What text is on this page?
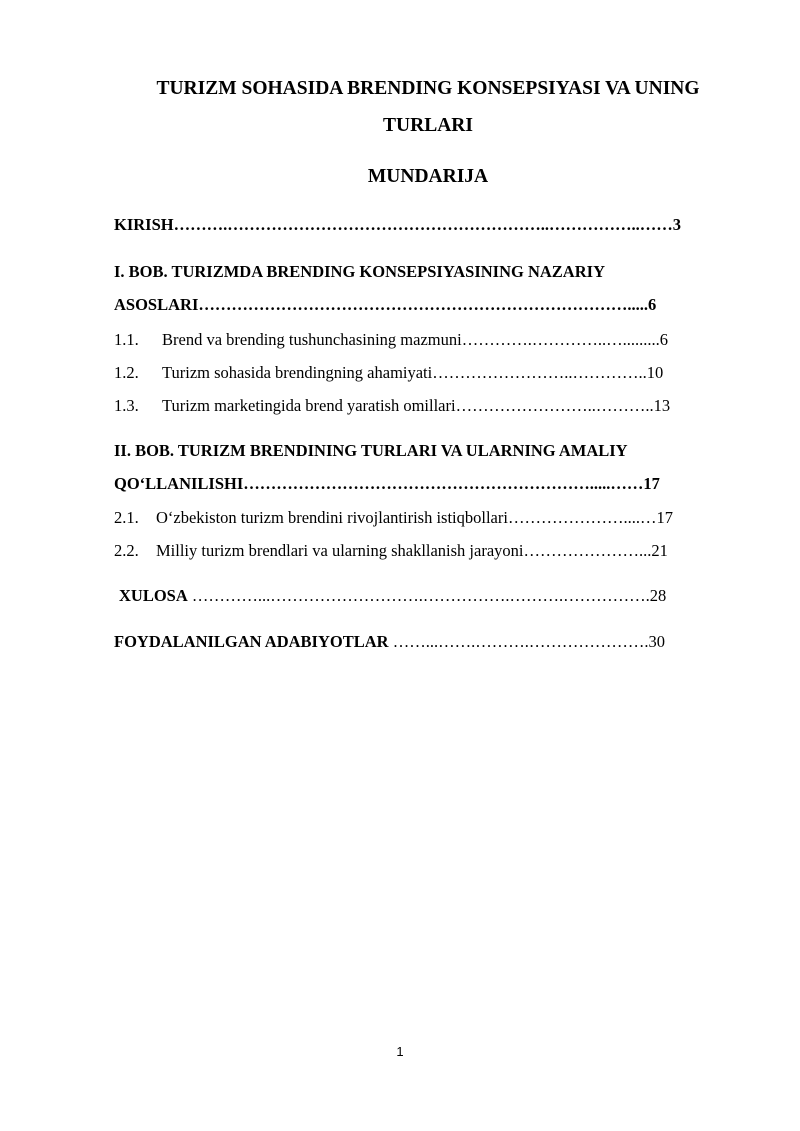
TURIZM SOHASIDA BRENDING KONSEPSIYASI VA UNING
TURLARI
MUNDARIJA
KIRISH……….…………………………………………………..……………..……3
I. BOB. TURIZMDA BRENDING KONSEPSIYASINING NAZARIY
ASOSLARI…………………………………………………………………….....6
1.1. Brend va brending tushunchasining mazmuni………….…………..….........6
1.2. Turizm sohasida brendingning ahamiyati……………………..…………..10
1.3. Turizm marketingida brend yaratish omillari……………………..………..13
II. BOB. TURIZM BRENDINING TURLARI VA ULARNING AMALIY
QO‘LLANILISHI……………………………………………………….....……17
2.1. O‘zbekiston turizm brendini rivojlantirish istiqbollari…………………....…17
2.2. Milliy turizm brendlari va ularning shakllanish jarayoni…………………...21
XULOSA …………...……………………….…………….……….…………….28
FOYDALANILGAN ADABIYOTLAR ……...…….……….………………….30
1
